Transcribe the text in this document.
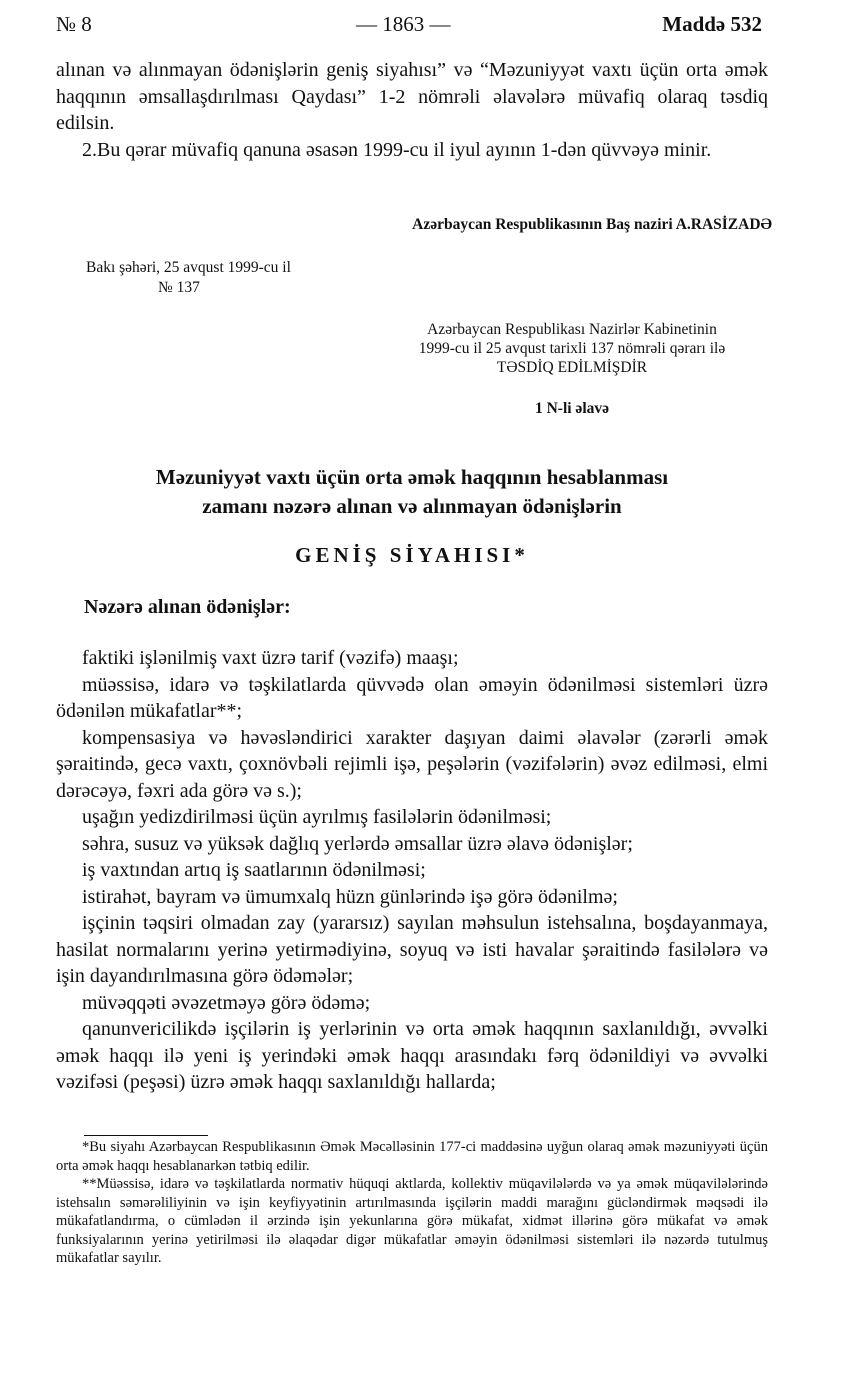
№ 8	— 1863 —	Maddə 532

alınan və alınmayan ödənişlərin geniş siyahısı” və “Məzuniyyət vaxtı üçün orta əmək haqqının əmsallaşdırılması Qaydası” 1-2 nömrəli əlavələrə müvafiq olaraq təsdiq edilsin.

2.Bu qərar müvafiq qanuna əsasən 1999-cu il iyul ayının 1-dən qüvvəyə minir.

Azərbaycan Respublikasının Baş naziri A.RASİZADƏ
Bakı şəhəri, 25 avqust 1999-cu il
№ 137
Azərbaycan Respublikası Nazirlər Kabinetinin
1999-cu il 25 avqust tarixli 137 nömrəli qərarı ilə
TƏSDİQ EDİLMİŞDİR
1 N-li əlavə
Məzuniyyət vaxtı üçün orta əmək haqqının hesablanması
zamanı nəzərə alınan və alınmayan ödənişlərin
GENİŞ SİYAHISI*
Nəzərə alınan ödənişlər:

faktiki işlənilmiş vaxt üzrə tarif (vəzifə) maaşı;

müəssisə, idarə və təşkilatlarda qüvvədə olan əməyin ödənilməsi sistemləri üzrə ödənilən mükafatlar**;

kompensasiya və həvəsləndirici xarakter daşıyan daimi əlavələr (zərərli əmək şəraitində, gecə vaxtı, çoxnövbəli rejimli işə, peşələrin (vəzifələrin) əvəz edilməsi, elmi dərəcəyə, fəxri ada görə və s.);

uşağın yedizdirilməsi üçün ayrılmış fasilələrin ödənilməsi;

səhra, susuz və yüksək dağlıq yerlərdə əmsallar üzrə əlavə ödənişlər;

iş vaxtından artıq iş saatlarının ödənilməsi;

istirahət, bayram və ümumxalq hüzn günlərində işə görə ödənilmə;

işçinin təqsiri olmadan zay (yararsız) sayılan məhsulun istehsalına, boşdayanmaya, hasilat normalarını yerinə yetirmədiyinə, soyuq və isti havalar şəraitində fasilələrə və işin dayandırılmasına görə ödəmələr;

müvəqqəti əvəzetməyə görə ödəmə;

qanunvericilikdə işçilərin iş yerlərinin və orta əmək haqqının saxlanıldığı, əvvəlki əmək haqqı ilə yeni iş yerindəki əmək haqqı arasındakı fərq ödənildiyi və əvvəlki vəzifəsi (peşəsi) üzrə əmək haqqı saxlanıldığı hallarda;

*Bu siyahı Azərbaycan Respublikasının Əmək Məcəlləsinin 177-ci maddəsinə uyğun olaraq əmək məzuniyyəti üçün orta əmək haqqı hesablanarkən tətbiq edilir.

**Müəssisə, idarə və təşkilatlarda normativ hüquqi aktlarda, kollektiv müqavilələrdə və ya əmək müqavilələrində istehsalın səmərəliliyinin və işin keyfiyyətinin artırılmasında işçilərin maddi marağını gücləndirmək məqsədi ilə mükafatlandırma, o cümlədən il ərzində işin yekunlarına görə mükafat, xidmət illərinə görə mükafat və əmək funksiyalarının yerinə yetirilməsi ilə əlaqədar digər mükafatlar əməyin ödənilməsi sistemləri ilə nəzərdə tutulmuş mükafatlar sayılır.
